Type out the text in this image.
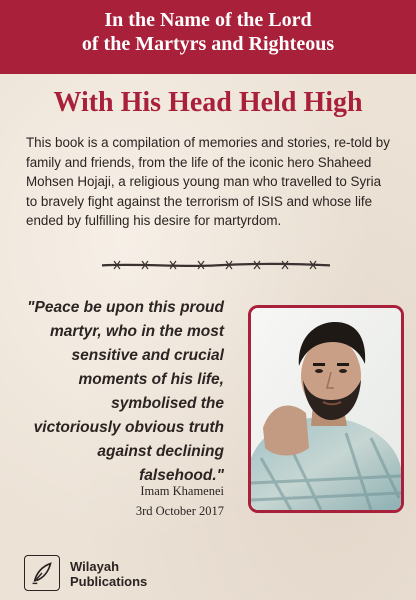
In the Name of the Lord
of the Martyrs and Righteous
With His Head Held High
This book is a compilation of memories and stories, re-told by family and friends, from the life of the iconic hero Shaheed Mohsen Hojaji, a religious young man who travelled to Syria to bravely fight against the terrorism of ISIS and whose life ended by fulfilling his desire for martyrdom.
"Peace be upon this proud martyr, who in the most sensitive and crucial moments of his life, symbolised the victoriously obvious truth against declining falsehood."
Imam Khamenei
3rd October 2017
Wilayah
Publications
